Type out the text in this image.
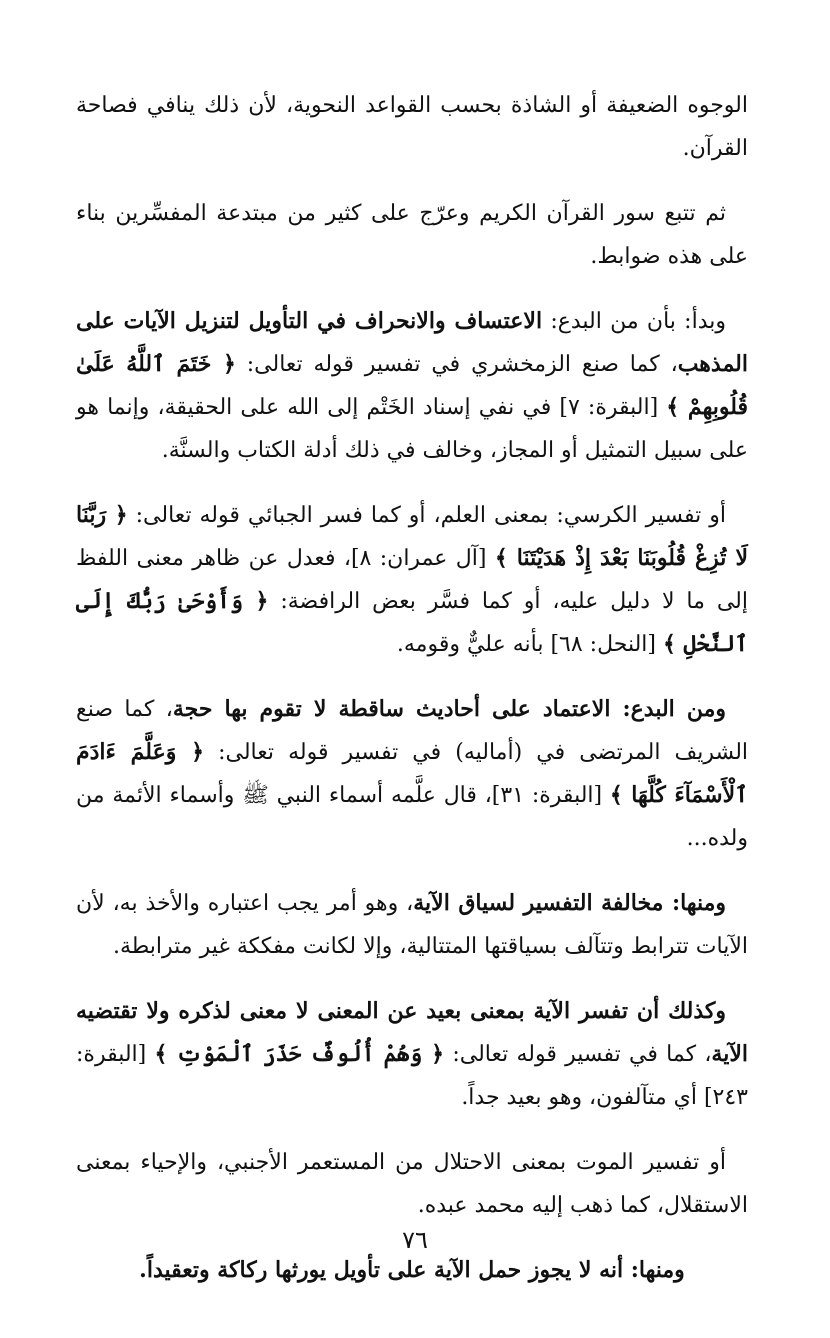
الوجوه الضعيفة أو الشاذة بحسب القواعد النحوية، لأن ذلك ينافي فصاحة القرآن.

ثم تتبع سور القرآن الكريم وعرّج على كثير من مبتدعة المفسِّرين بناء على هذه ضوابط.

وبدأ: بأن من البدع: الاعتساف والانحراف في التأويل لتنزيل الآيات على المذهب، كما صنع الزمخشري في تفسير قوله تعالى: ﴿ خَتَمَ ٱللَّهُ عَلَىٰ قُلُوبِهِمْ ﴾ [البقرة: ٧] في نفي إسناد الخَتْم إلى الله على الحقيقة، وإنما هو على سبيل التمثيل أو المجاز، وخالف في ذلك أدلة الكتاب والسنَّة.

أو تفسير الكرسي: بمعنى العلم، أو كما فسر الجبائي قوله تعالى: ﴿ رَبَّنَا لَا تُزِغْ قُلُوبَنَا بَعْدَ إِذْ هَدَيْتَنَا ﴾ [آل عمران: ٨]، فعدل عن ظاهر معنى اللفظ إلى ما لا دليل عليه، أو كما فسَّر بعض الرافضة: ﴿ وَأَوْحَىٰ رَبُّكَ إِلَى ٱلنَّحْلِ ﴾ [النحل: ٦٨] بأنه عليٌّ وقومه.

ومن البدع: الاعتماد على أحاديث ساقطة لا تقوم بها حجة، كما صنع الشريف المرتضى في (أماليه) في تفسير قوله تعالى: ﴿ وَعَلَّمَ ءَادَمَ ٱلْأَسْمَآءَ كُلَّهَا ﴾ [البقرة: ٣١]، قال علَّمه أسماء النبي ﷺ وأسماء الأئمة من ولده...

ومنها: مخالفة التفسير لسياق الآية، وهو أمر يجب اعتباره والأخذ به، لأن الآيات تترابط وتتآلف بسياقتها المتتالية، وإلا لكانت مفككة غير مترابطة.

وكذلك أن تفسر الآية بمعنى بعيد عن المعنى لا معنى لذكره ولا تقتضيه الآية، كما في تفسير قوله تعالى: ﴿ وَهُمْ أُلُوفٌ حَذَرَ ٱلْمَوْتِ ﴾ [البقرة: ٢٤٣] أي متآلفون، وهو بعيد جداً.

أو تفسير الموت بمعنى الاحتلال من المستعمر الأجنبي، والإحياء بمعنى الاستقلال، كما ذهب إليه محمد عبده.

ومنها: أنه لا يجوز حمل الآية على تأويل يورثها ركاكة وتعقيداً.

٧٦
